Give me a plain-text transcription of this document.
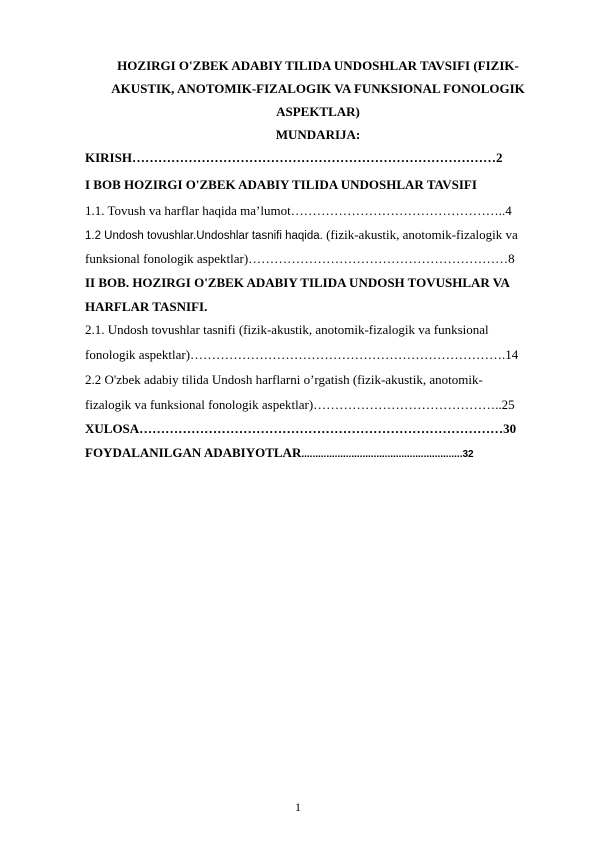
HOZIRGI O'ZBEK ADABIY TILIDA UNDOSHLAR TAVSIFI (FIZIK-
AKUSTIK, ANOTOMIK-FIZALOGIK VA FUNKSIONAL FONOLOGIK
ASPEKTLAR)
MUNDARIJA:
KIRISH…………………………………………………………………………2
I BOB HOZIRGI O'ZBEK ADABIY TILIDA UNDOSHLAR TAVSIFI
1.1. Tovush va harflar haqida ma’lumot…………………………………………..4
1.2 Undosh tovushlar.Undoshlar tasnifi haqida. (fizik-akustik, anotomik-fizalogik va
funksional fonologik aspektlar)……………………………………………………8
II BOB. HOZIRGI O'ZBEK ADABIY TILIDA UNDOSH TOVUSHLAR VA
HARFLAR TASNIFI.
2.1. Undosh tovushlar tasnifi (fizik-akustik, anotomik-fizalogik va funksional
fonologik aspektlar)……………………………………………………………….14
2.2 O'zbek adabiy tilida Undosh harflarni o’rgatish (fizik-akustik, anotomik-
fizalogik va funksional fonologik aspektlar)……………………………………..25
XULOSA…………………………………………………………………………30
FOYDALANILGAN ADABIYOTLAR..........................................................32
1
